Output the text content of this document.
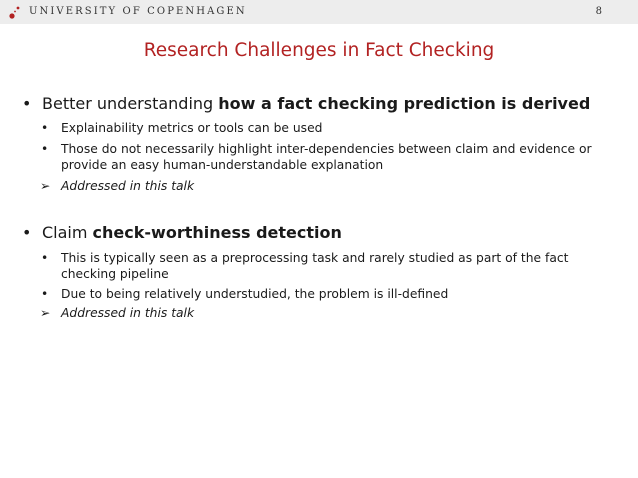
UNIVERSITY OF COPENHAGEN	8
Research Challenges in Fact Checking
• Better understanding how a fact checking prediction is derived
• Explainability metrics or tools can be used
• Those do not necessarily highlight inter-dependencies between claim and evidence or provide an easy human-understandable explanation
➢ Addressed in this talk
• Claim check-worthiness detection
• This is typically seen as a preprocessing task and rarely studied as part of the fact checking pipeline
• Due to being relatively understudied, the problem is ill-defined
➢ Addressed in this talk
